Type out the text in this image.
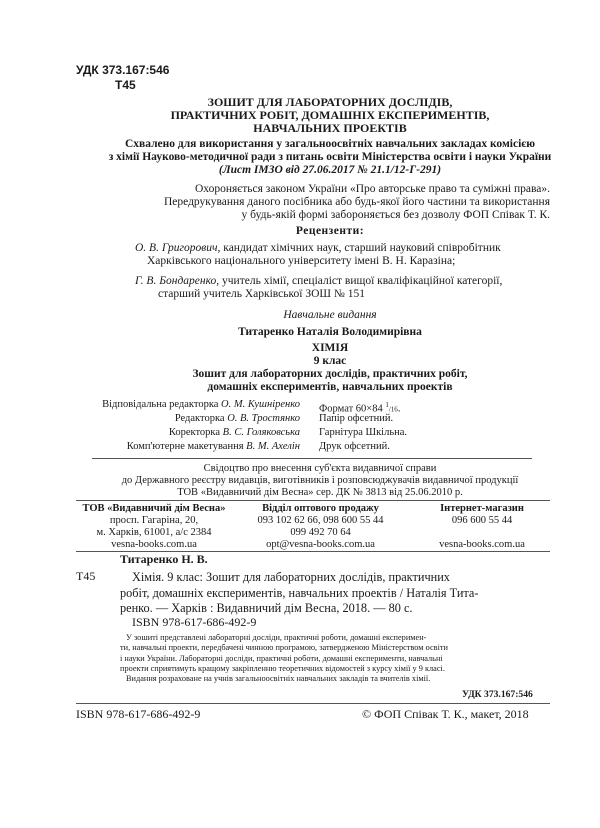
УДК 373.167:546
Т45
ЗОШИТ ДЛЯ ЛАБОРАТОРНИХ ДОСЛІДІВ,
ПРАКТИЧНИХ РОБІТ, ДОМАШНІХ ЕКСПЕРИМЕНТІВ,
НАВЧАЛЬНИХ ПРОЕКТІВ
Схвалено для використання у загальноосвітніх навчальних закладах комісією
з хімії Науково-методичної ради з питань освіти Міністерства освіти і науки України
(Лист ІМЗО від 27.06.2017 № 21.1/12-Г-291)
Охороняється законом України «Про авторське право та суміжні права».
Передрукування даного посібника або будь-якої його частини та використання
у будь-якій формі забороняється без дозволу ФОП Співак Т. К.
Рецензенти:
О. В. Григорович, кандидат хімічних наук, старший науковий співробітник
Харківського національного університету імені В. Н. Каразіна;
Г. В. Бондаренко, учитель хімії, спеціаліст вищої кваліфікаційної категорії,
старший учитель Харківської ЗОШ № 151
Навчальне видання
Титаренко Наталія Володимирівна
ХІМІЯ
9 клас
Зошит для лабораторних дослідів, практичних робіт,
домашніх експериментів, навчальних проектів
Відповідальна редакторка О. М. Кушніренко
Редакторка О. В. Тростянко
Коректорка В. С. Голяковська
Комп'ютерне макетування В. М. Ахелін
Формат 60×84 $^1$/16.
Папір офсетний.
Гарнітура Шкільна.
Друк офсетний.
Свідоцтво про внесення суб'єкта видавничої справи
до Державного реєстру видавців, виготівників і розповсюджувачів видавничої продукції
ТОВ «Видавничий дім Весна» сер. ДК № 3813 від 25.06.2010 р.
ТОВ «Видавничий дім Весна»
просп. Гагаріна, 20,
м. Харків, 61001, а/с 2384
vesna-books.com.ua
Відділ оптового продажу
093 102 62 66, 098 600 55 44
099 492 70 64
opt@vesna-books.com.ua
Інтернет-магазин
096 600 55 44
vesna-books.com.ua
Титаренко Н. В.
Т45	Хімія. 9 клас: Зошит для лабораторних дослідів, практичних
робіт, домашніх експериментів, навчальних проектів / Наталія Тита-
ренко. — Харків : Видавничий дім Весна, 2018. — 80 с.
ISBN 978-617-686-492-9
У зошиті представлені лабораторні досліди, практичні роботи, домашні експеримен-
ти, навчальні проекти, передбачені чинною програмою, затвердженою Міністерством освіти
і науки України. Лабораторні досліди, практичні роботи, домашні експерименти, навчальні
проекти сприятимуть кращому закріпленню теоретичних відомостей з курсу хімії у 9 класі.
Видання розраховане на учнів загальноосвітніх навчальних закладів та вчителів хімії.
УДК 373.167:546
ISBN 978-617-686-492-9	© ФОП Співак Т. К., макет, 2018
